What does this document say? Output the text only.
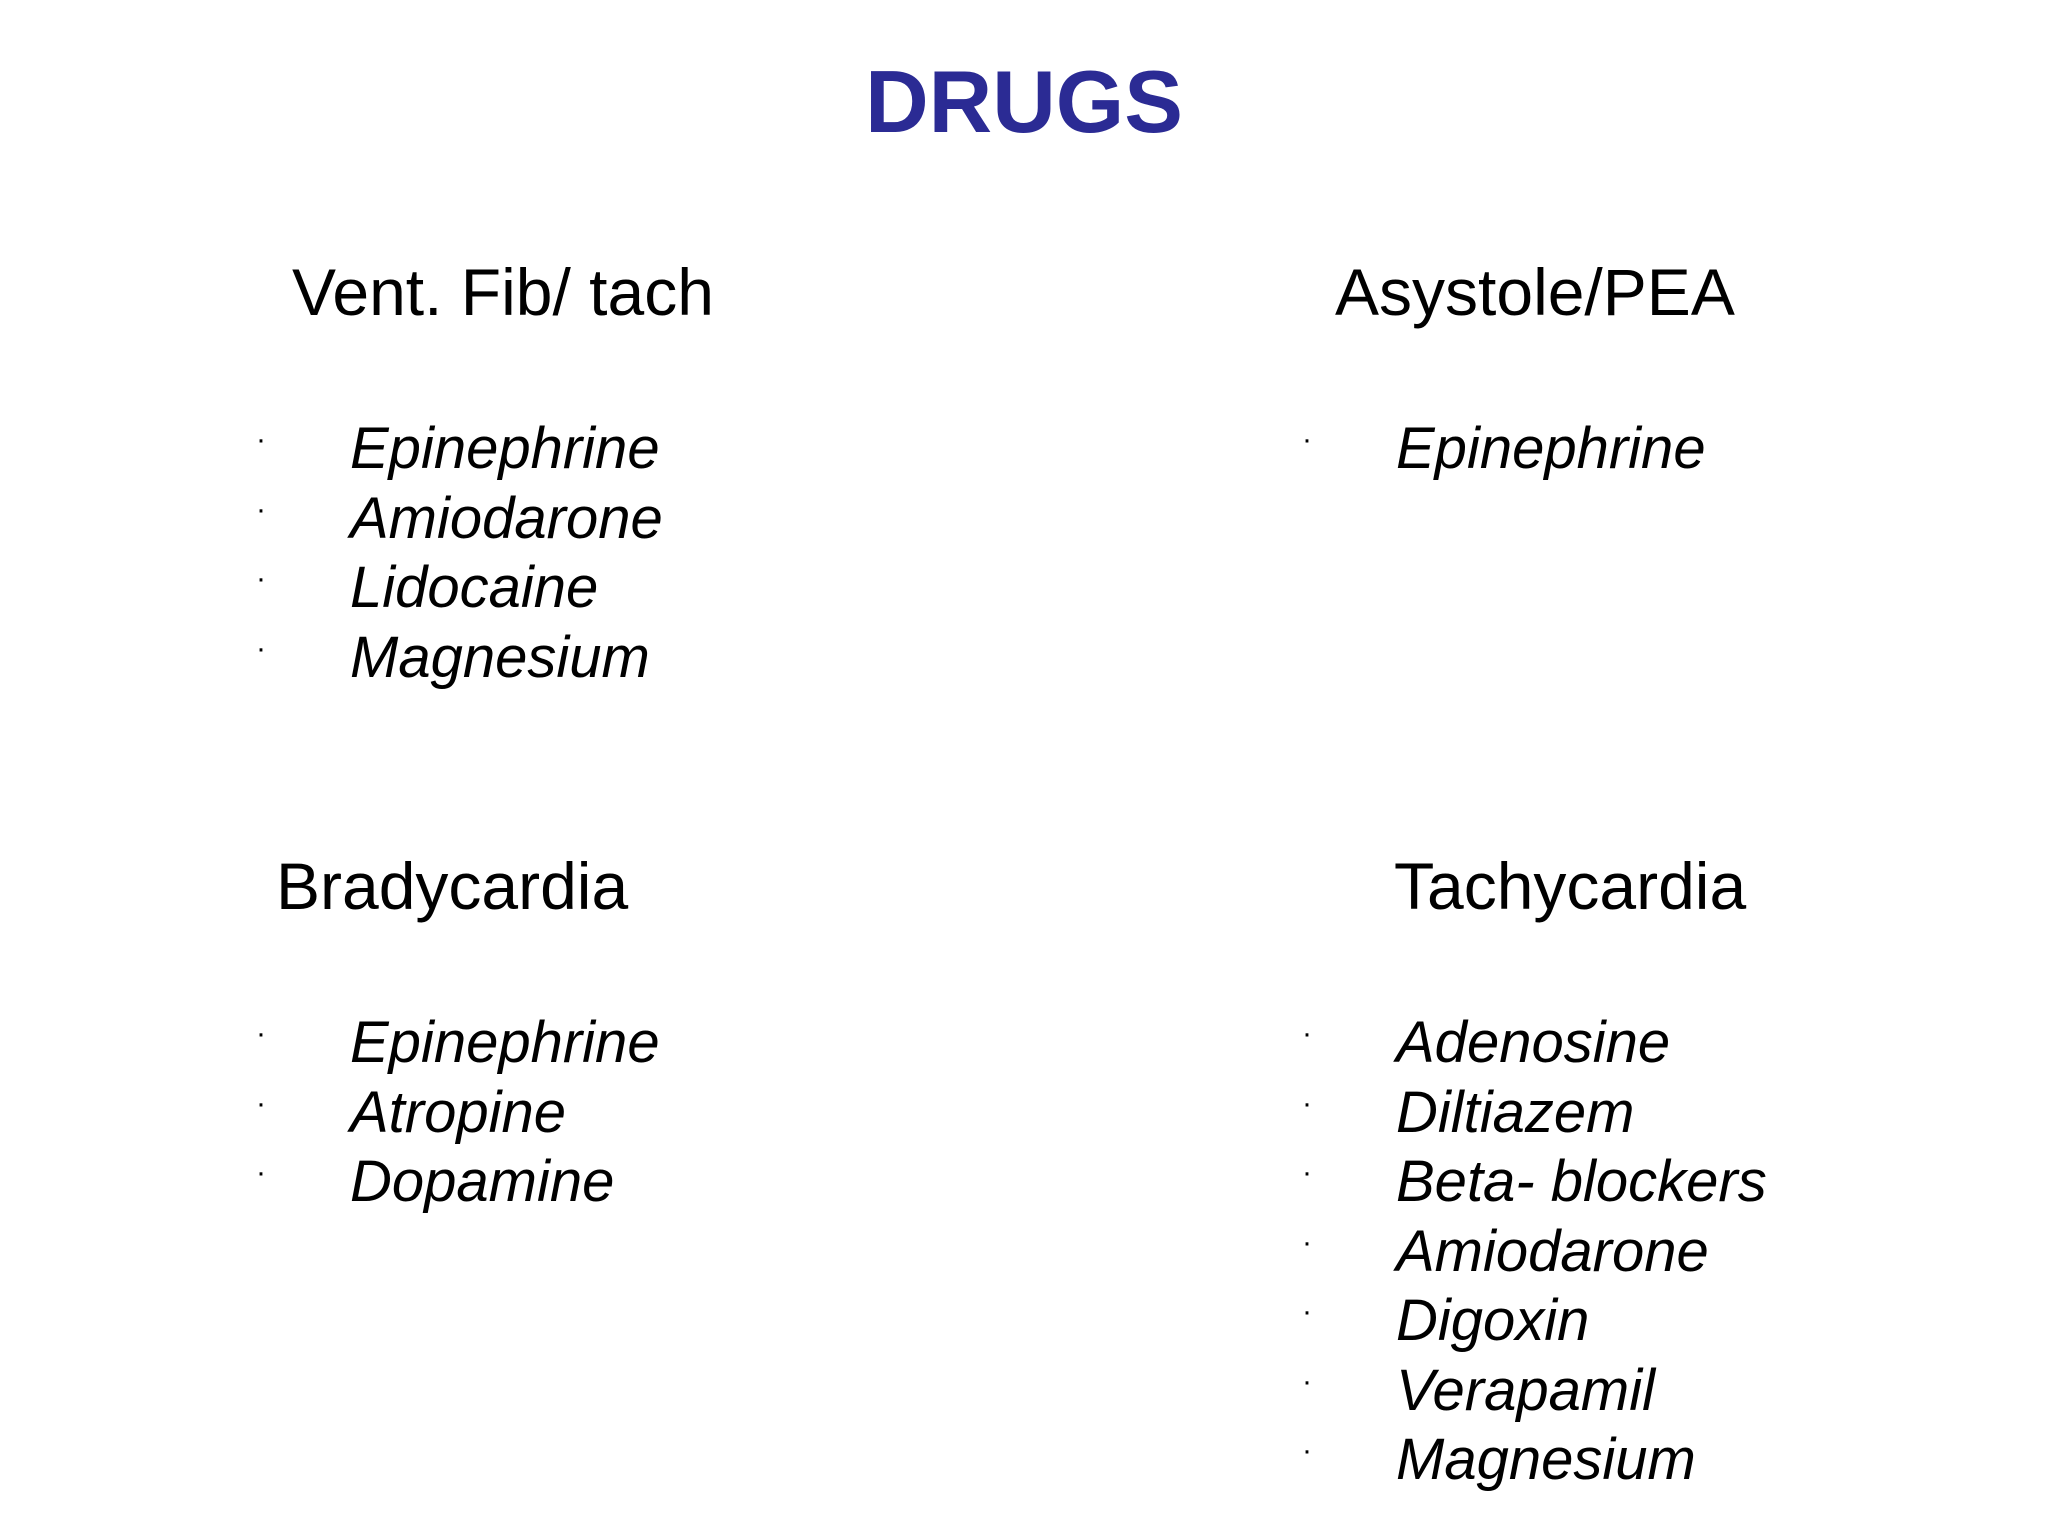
DRUGS
Vent. Fib/ tach
· Epinephrine
· Amiodarone
· Lidocaine
· Magnesium
Asystole/PEA
· Epinephrine
Bradycardia
· Epinephrine
· Atropine
· Dopamine
Tachycardia
· Adenosine
· Diltiazem
· Beta- blockers
· Amiodarone
· Digoxin
· Verapamil
· Magnesium
